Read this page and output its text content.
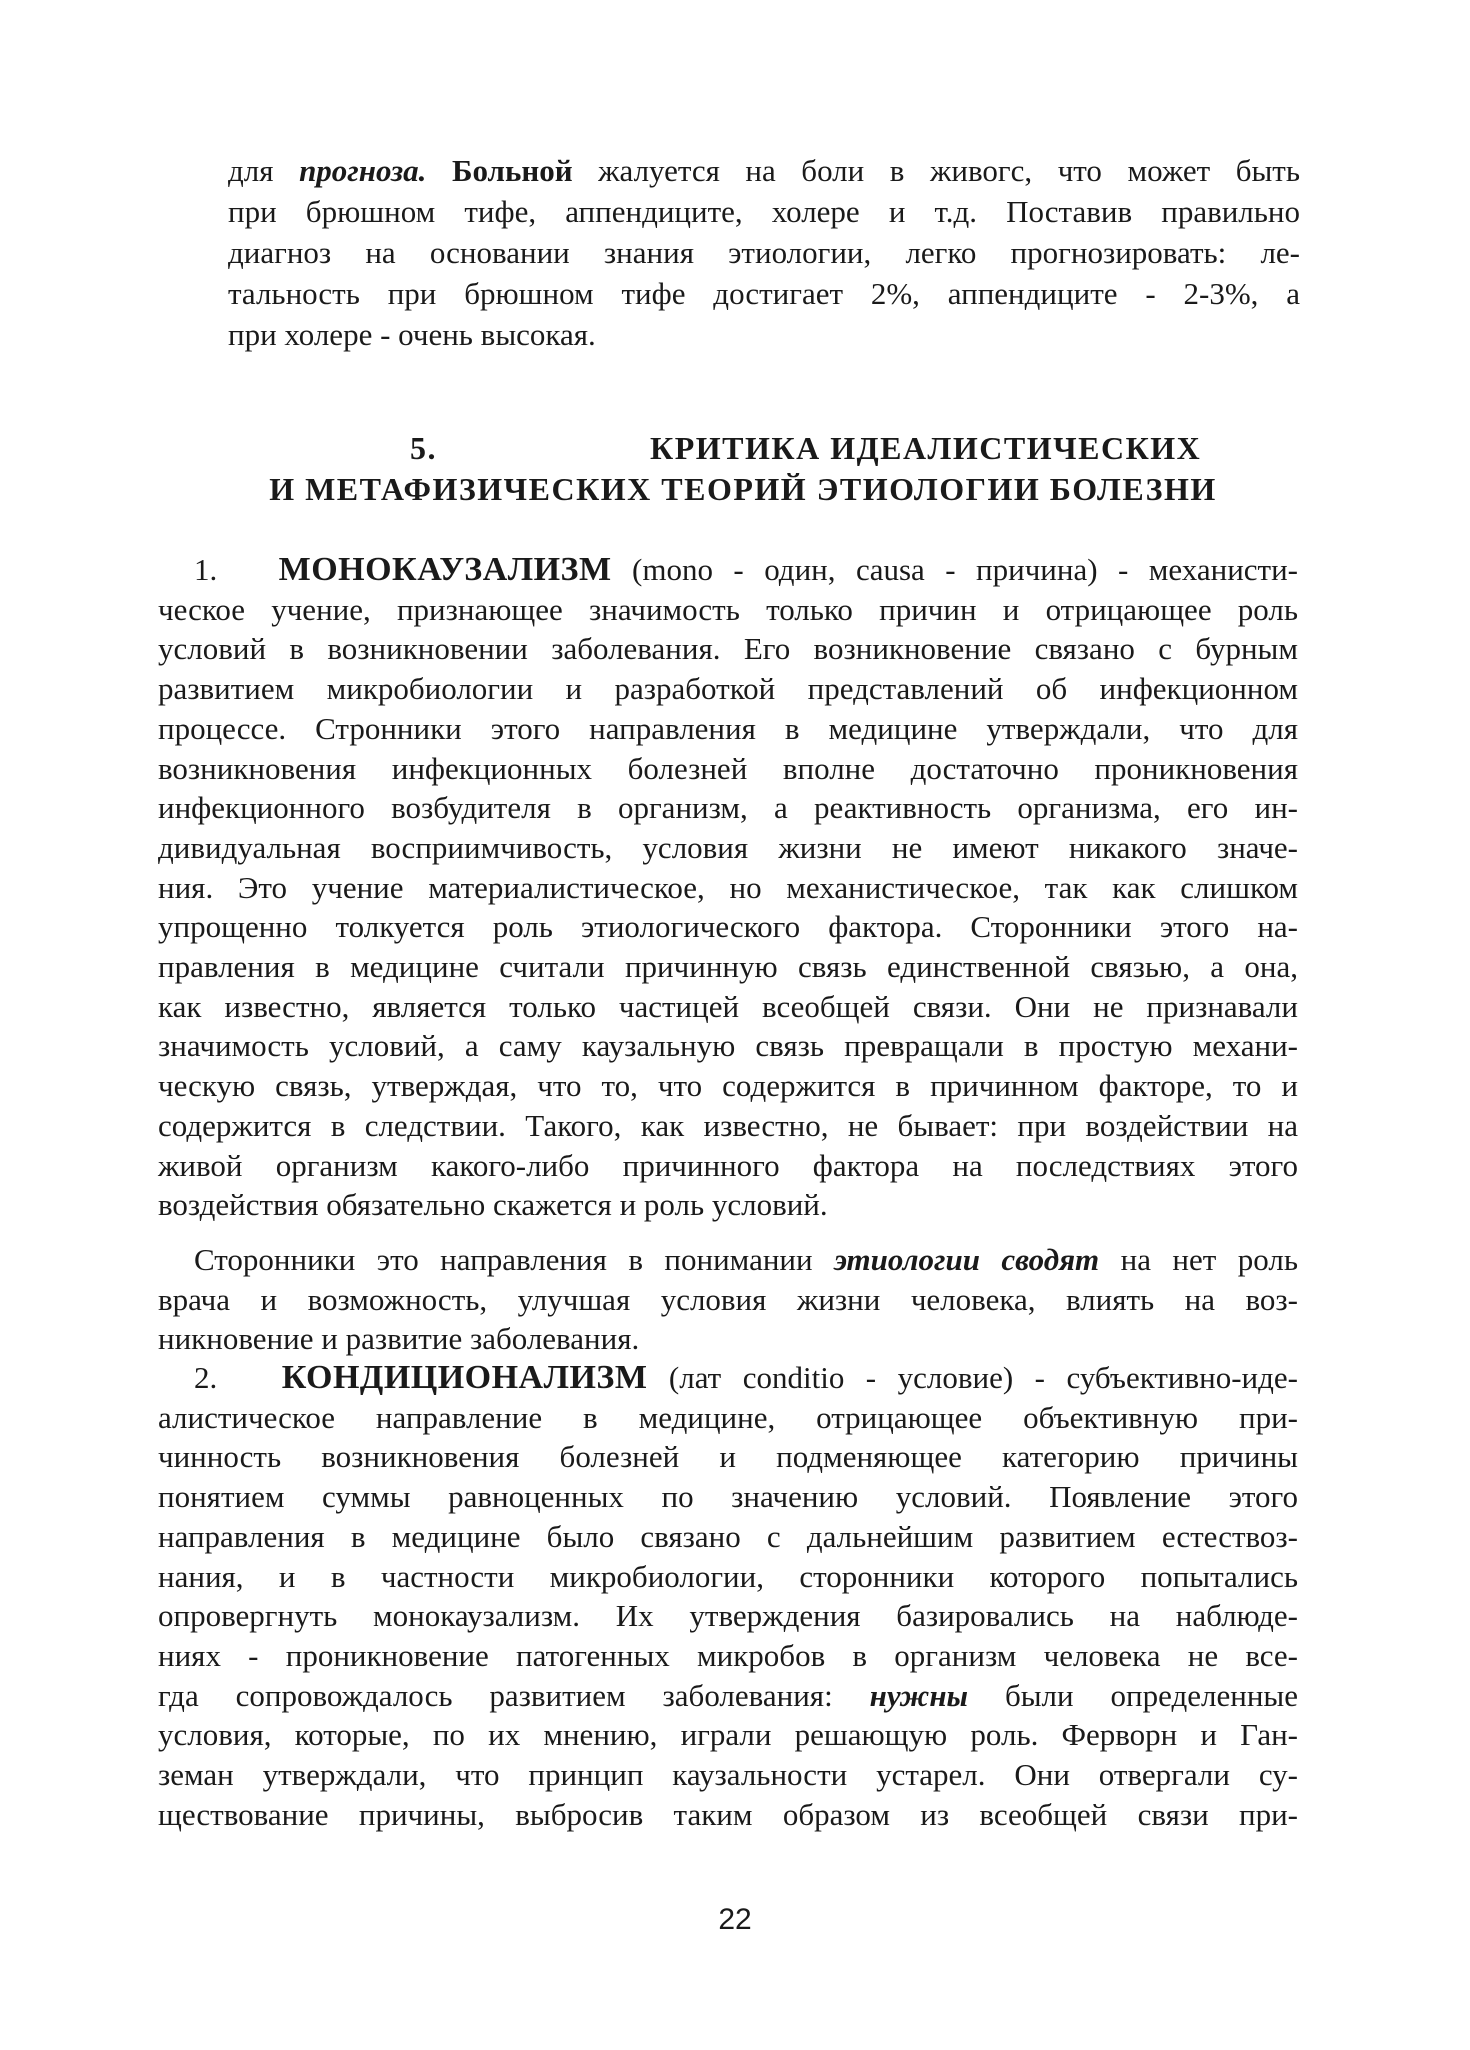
для прогноза. Больной жалуется на боли в живогс, что может быть
при брюшном тифе, аппендиците, холере и т.д. Поставив правильно
диагноз на основании знания этиологии, легко прогнозировать: ле-
тальность при брюшном тифе достигает 2%, аппендиците - 2-3%, а
при холере - очень высокая.
5.	КРИТИКА ИДЕАЛИСТИЧЕСКИХ
И МЕТАФИЗИЧЕСКИХ ТЕОРИЙ ЭТИОЛОГИИ БОЛЕЗНИ
1. МОНОКАУЗАЛИЗМ (mono - один, causa - причина) - механисти-
ческое учение, признающее значимость только причин и отрицающее роль
условий в возникновении заболевания. Его возникновение связано с бурным
развитием микробиологии и разработкой представлений об инфекционном
процессе. Стронники этого направления в медицине утверждали, что для
возникновения инфекционных болезней вполне достаточно проникновения
инфекционного возбудителя в организм, а реактивность организма, его ин-
дивидуальная восприимчивость, условия жизни не имеют никакого значе-
ния. Это учение материалистическое, но механистическое, так как слишком
упрощенно толкуется роль этиологического фактора. Сторонники этого на-
правления в медицине считали причинную связь единственной связью, а она,
как известно, является только частицей всеобщей связи. Они не признавали
значимость условий, а саму каузальную связь превращали в простую механи-
ческую связь, утверждая, что то, что содержится в причинном факторе, то и
содержится в следствии. Такого, как известно, не бывает: при воздействии на
живой организм какого-либо причинного фактора на последствиях этого
воздействия обязательно скажется и роль условий.
Сторонники это направления в понимании этиологии сводят на нет роль
врача и возможность, улучшая условия жизни человека, влиять на воз-
никновение и развитие заболевания.
2. КОНДИЦИОНАЛИЗМ (лат conditio - условие) - субъективно-иде-
алистическое направление в медицине, отрицающее объективную при-
чинность возникновения болезней и подменяющее категорию причины
понятием суммы равноценных по значению условий. Появление этого
направления в медицине было связано с дальнейшим развитием естествоз-
нания, и в частности микробиологии, сторонники которого попытались
опровергнуть монокаузализм. Их утверждения базировались на наблюде-
ниях - проникновение патогенных микробов в организм человека не все-
гда сопровождалось развитием заболевания: нужны были определенные
условия, которые, по их мнению, играли решающую роль. Ферворн и Ган-
земан утверждали, что принцип каузальности устарел. Они отвергали су-
ществование причины, выбросив таким образом из всеобщей связи при-
22
